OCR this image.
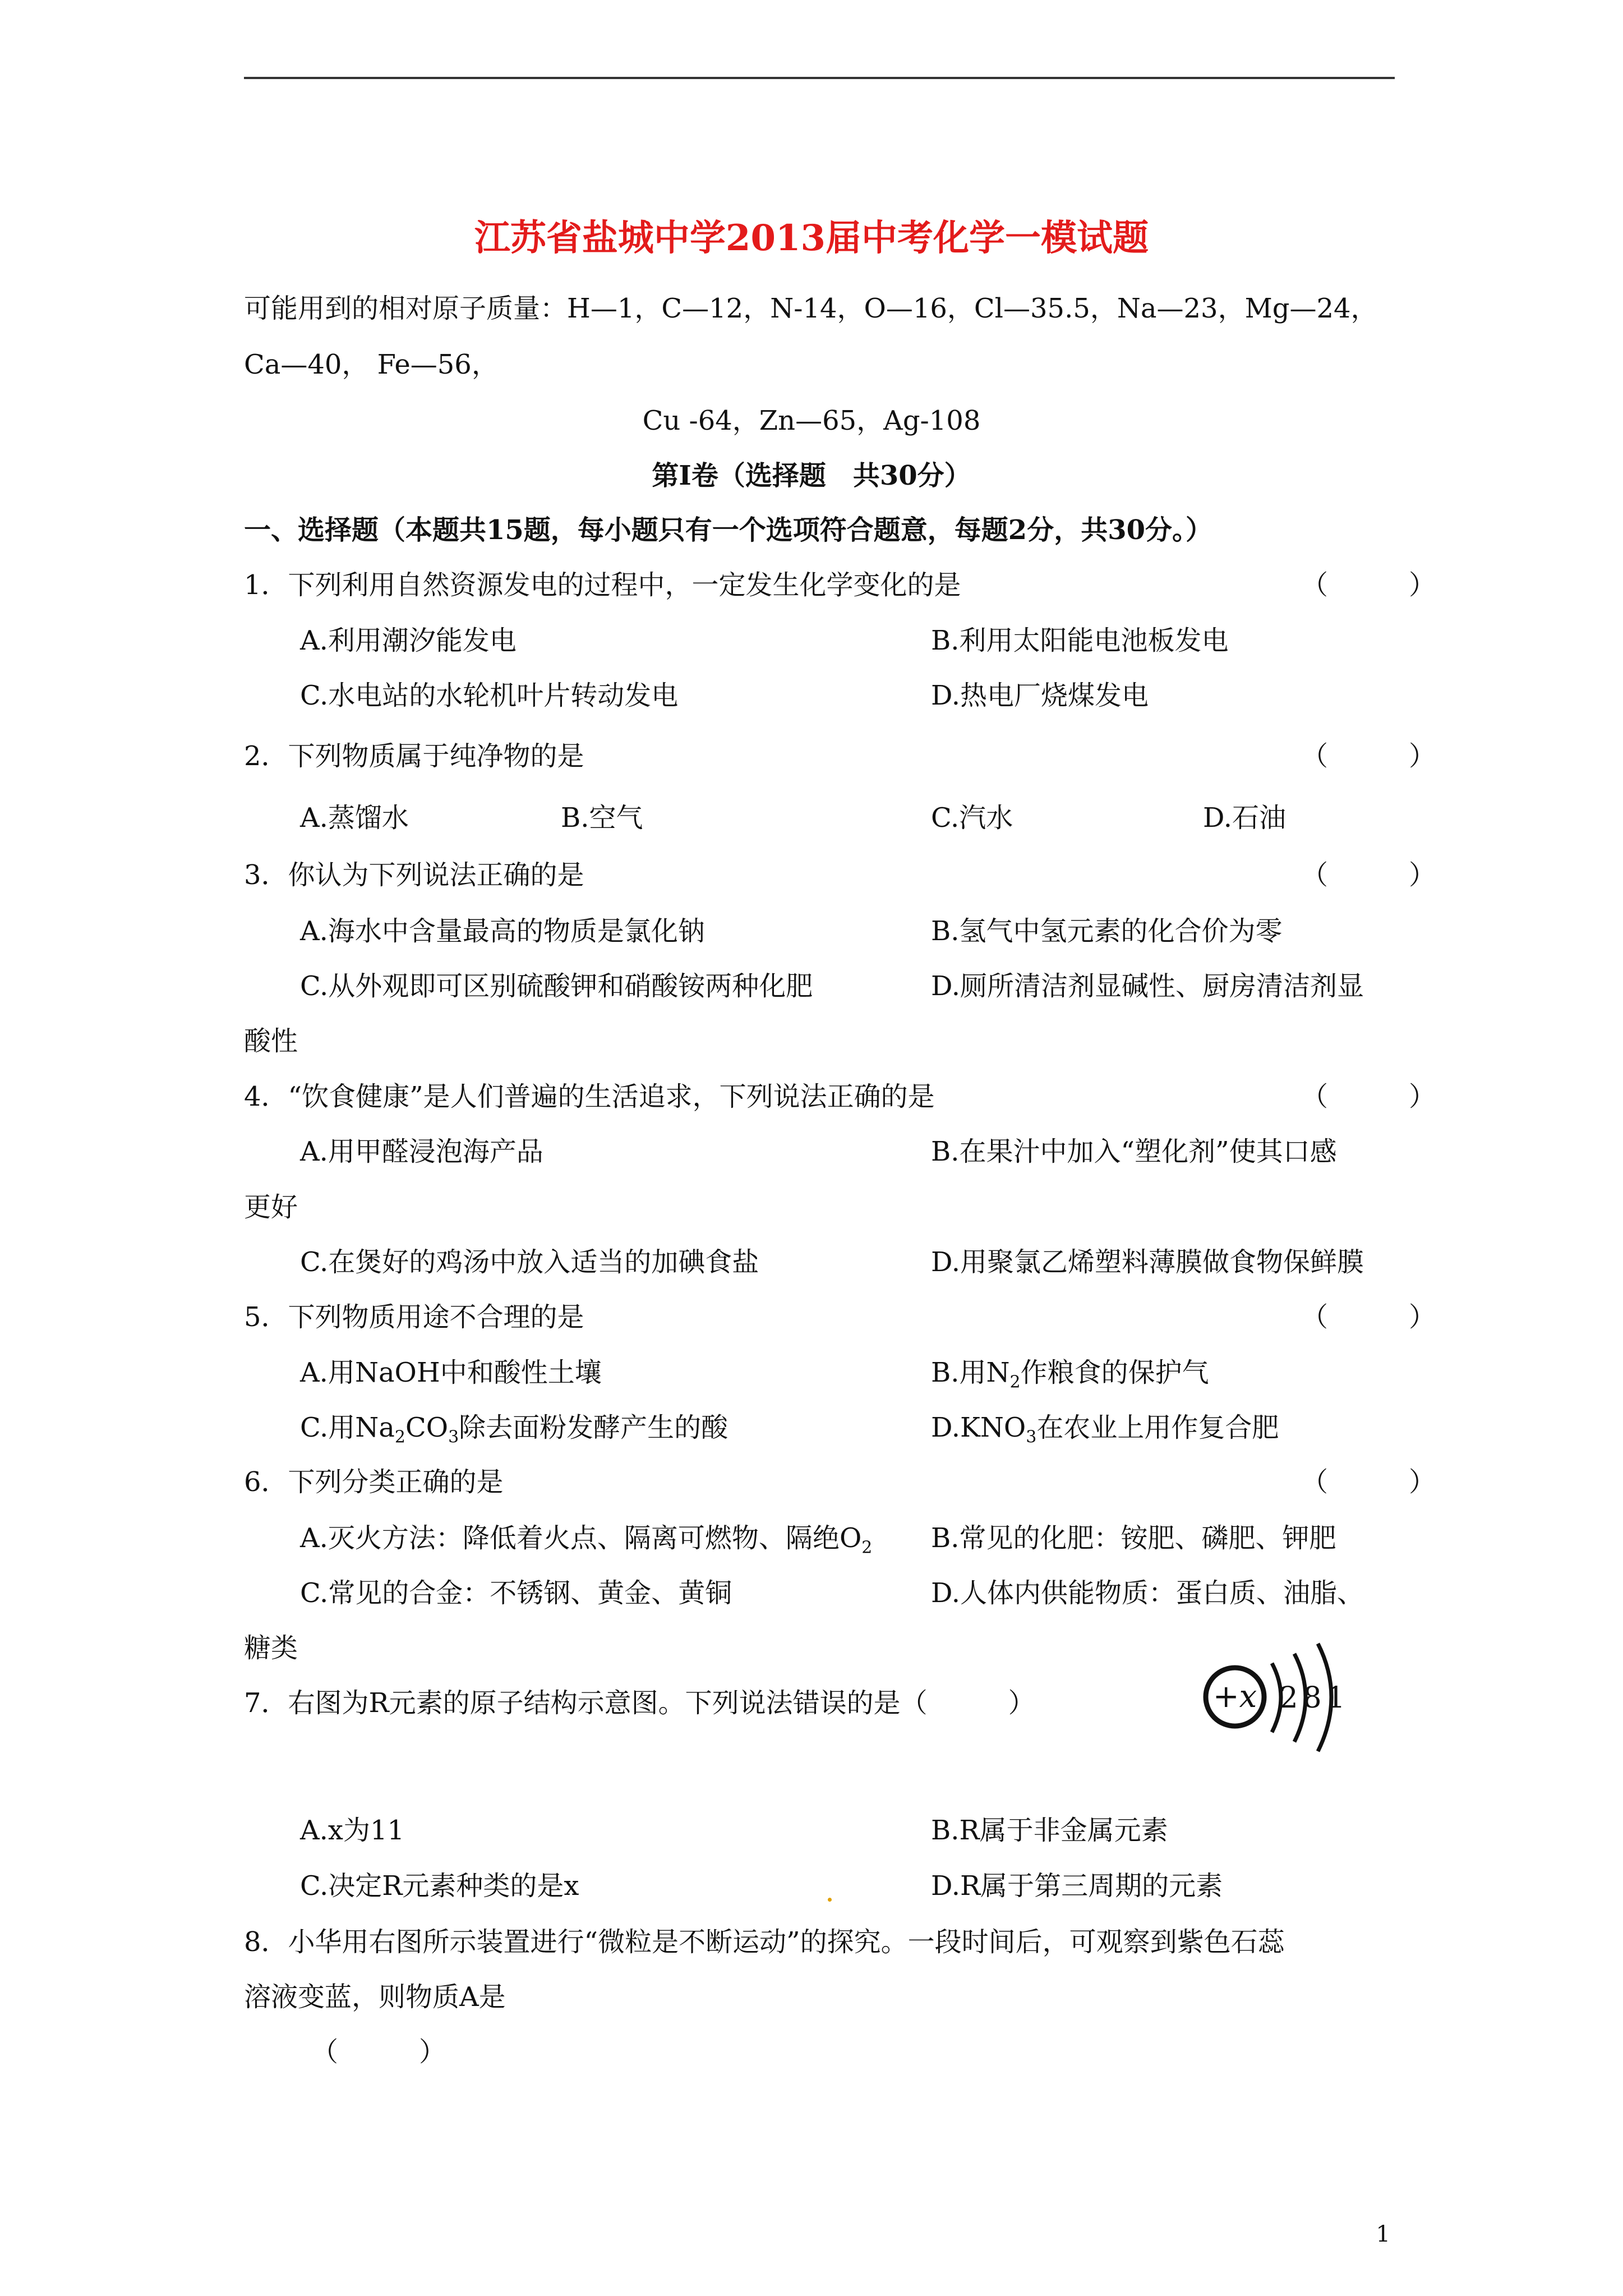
江苏省盐城中学2013届中考化学一模试题
可能用到的相对原子质量：H—1，C—12，N-14，O—16，Cl—35.5，Na—23，Mg—24，
Ca—40， Fe—56，
Cu -64，Zn—65，Ag-108
第Ⅰ卷（选择题　共30分）
一、选择题（本题共15题，每小题只有一个选项符合题意，每题2分，共30分。）
1．下列利用自然资源发电的过程中，一定发生化学变化的是	（　　　）
A.利用潮汐能发电	B.利用太阳能电池板发电
C.水电站的水轮机叶片转动发电	D.热电厂烧煤发电
2．下列物质属于纯净物的是	（　　　）
A.蒸馏水	B.空气	C.汽水	D.石油
3．你认为下列说法正确的是	（　　　）
A.海水中含量最高的物质是氯化钠	B.氢气中氢元素的化合价为零
C.从外观即可区别硫酸钾和硝酸铵两种化肥	D.厕所清洁剂显碱性、厨房清洁剂显
酸性
4．“饮食健康”是人们普遍的生活追求，下列说法正确的是	（　　　）
A.用甲醛浸泡海产品	B.在果汁中加入“塑化剂”使其口感
更好
C.在煲好的鸡汤中放入适当的加碘食盐	D.用聚氯乙烯塑料薄膜做食物保鲜膜
5．下列物质用途不合理的是	（　　　）
A.用NaOH中和酸性土壤	B.用$N_2$作粮食的保护气
C.用$Na_2CO_3$除去面粉发酵产生的酸	$D.KNO_3$在农业上用作复合肥
6．下列分类正确的是	（　　　）
A.灭火方法：降低着火点、隔离可燃物、隔绝$O_2$ B.常见的化肥：铵肥、磷肥、钾肥
C.常见的合金：不锈钢、黄金、黄铜	D.人体内供能物质：蛋白质、油脂、
糖类
7．右图为R元素的原子结构示意图。下列说法错误的是（　　　）	+x 2 8 1
A.x为11	B.R属于非金属元素
C.决定R元素种类的是x	D.R属于第三周期的元素
8．小华用右图所示装置进行“微粒是不断运动”的探究。一段时间后，可观察到紫色石蕊
溶液变蓝，则物质A是
（　　　）
1
